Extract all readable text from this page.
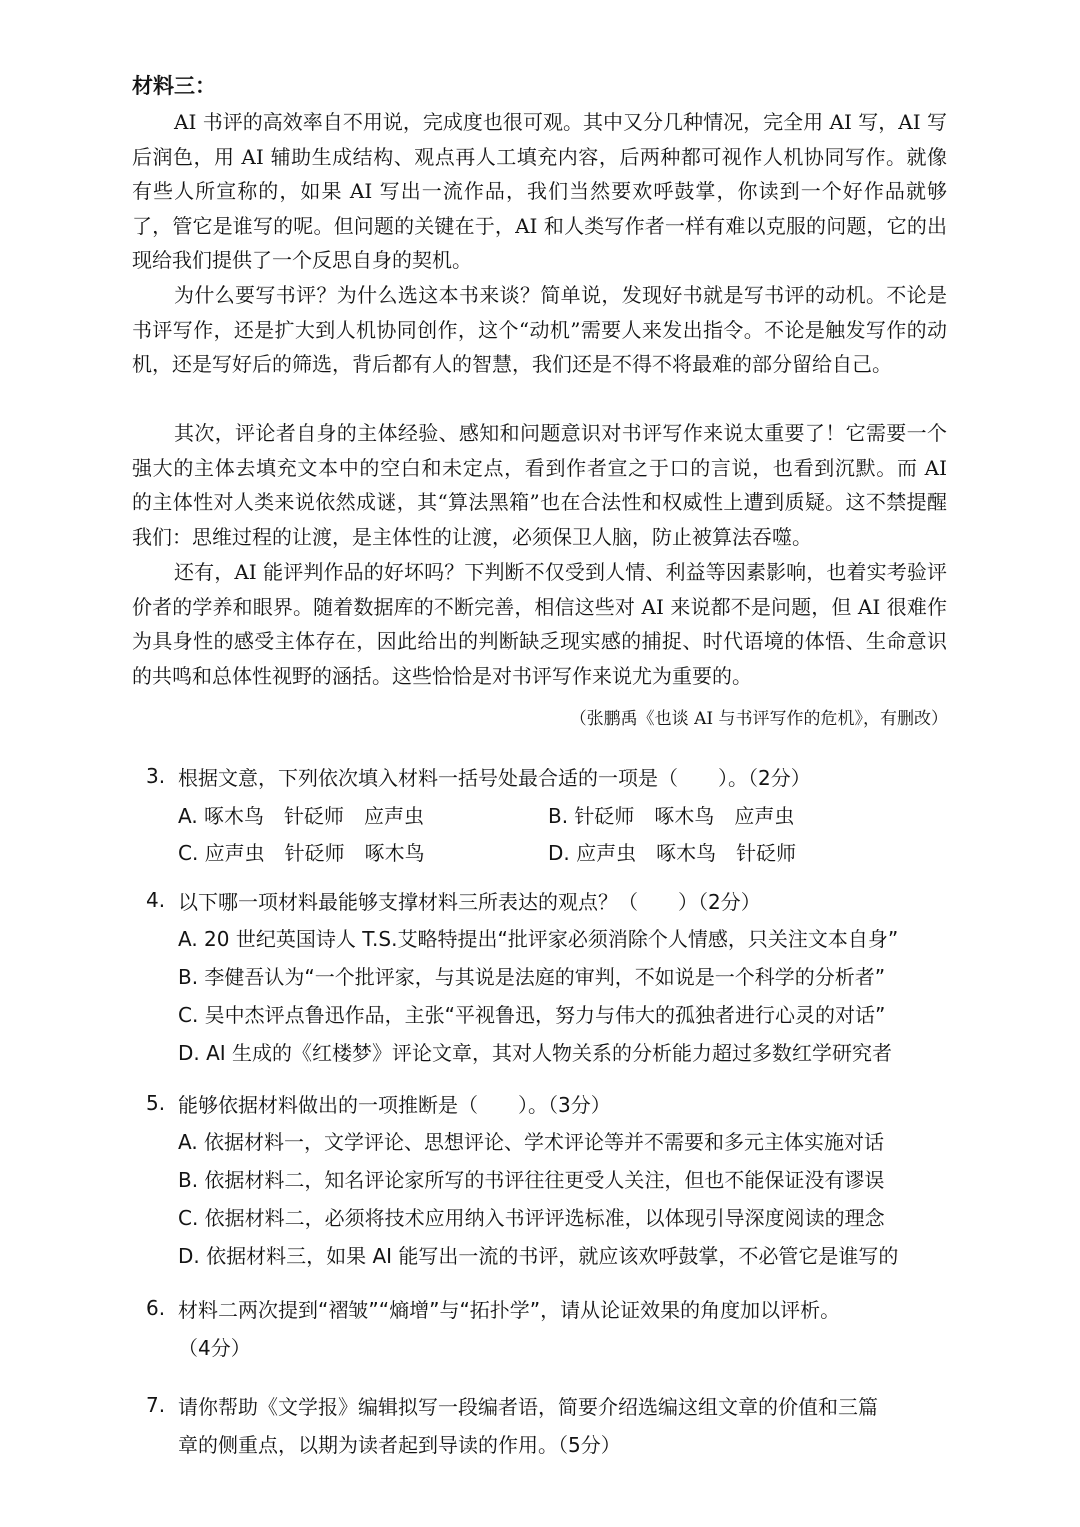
材料三：
AI 书评的高效率自不用说，完成度也很可观。其中又分几种情况，完全用 AI 写，AI 写后润色，用 AI 辅助生成结构、观点再人工填充内容，后两种都可视作人机协同写作。就像有些人所宣称的，如果 AI 写出一流作品，我们当然要欢呼鼓掌，你读到一个好作品就够了，管它是谁写的呢。但问题的关键在于，AI 和人类写作者一样有难以克服的问题，它的出现给我们提供了一个反思自身的契机。
为什么要写书评？为什么选这本书来谈？简单说，发现好书就是写书评的动机。不论是书评写作，还是扩大到人机协同创作，这个“动机”需要人来发出指令。不论是触发写作的动机，还是写好后的筛选，背后都有人的智慧，我们还是不得不将最难的部分留给自己。
其次，评论者自身的主体经验、感知和问题意识对书评写作来说太重要了！它需要一个强大的主体去填充文本中的空白和未定点，看到作者宣之于口的言说，也看到沉默。而 AI 的主体性对人类来说依然成谜，其“算法黑箱”也在合法性和权威性上遭到质疑。这不禁提醒我们：思维过程的让渡，是主体性的让渡，必须保卫人脑，防止被算法吞噬。
还有，AI 能评判作品的好坏吗？下判断不仅受到人情、利益等因素影响，也着实考验评价者的学养和眼界。随着数据库的不断完善，相信这些对 AI 来说都不是问题，但 AI 很难作为具身性的感受主体存在，因此给出的判断缺乏现实感的捕捉、时代语境的体悟、生命意识的共鸣和总体性视野的涵括。这些恰恰是对书评写作来说尤为重要的。
（张鹏禹《也谈 AI 与书评写作的危机》，有删改）
3. 根据文意，下列依次填入材料一括号处最合适的一项是（　　）。（2分）
A. 啄木鸟　针砭师　应声虫	B. 针砭师　啄木鸟　应声虫
C. 应声虫　针砭师　啄木鸟	D. 应声虫　啄木鸟　针砭师
4. 以下哪一项材料最能够支撑材料三所表达的观点？（　　）（2分）
A. 20 世纪英国诗人 T.S.艾略特提出“批评家必须消除个人情感，只关注文本自身”
B. 李健吾认为“一个批评家，与其说是法庭的审判，不如说是一个科学的分析者”
C. 吴中杰评点鲁迅作品，主张“平视鲁迅，努力与伟大的孤独者进行心灵的对话”
D. AI 生成的《红楼梦》评论文章，其对人物关系的分析能力超过多数红学研究者
5. 能够依据材料做出的一项推断是（　　）。（3分）
A. 依据材料一，文学评论、思想评论、学术评论等并不需要和多元主体实施对话
B. 依据材料二，知名评论家所写的书评往往更受人关注，但也不能保证没有谬误
C. 依据材料二，必须将技术应用纳入书评评选标准，以体现引导深度阅读的理念
D. 依据材料三，如果 AI 能写出一流的书评，就应该欢呼鼓掌，不必管它是谁写的
6. 材料二两次提到“褶皱”“熵增”与“拓扑学”，请从论证效果的角度加以评析。
（4分）
7. 请你帮助《文学报》编辑拟写一段编者语，简要介绍选编这组文章的价值和三篇
章的侧重点，以期为读者起到导读的作用。（5分）
